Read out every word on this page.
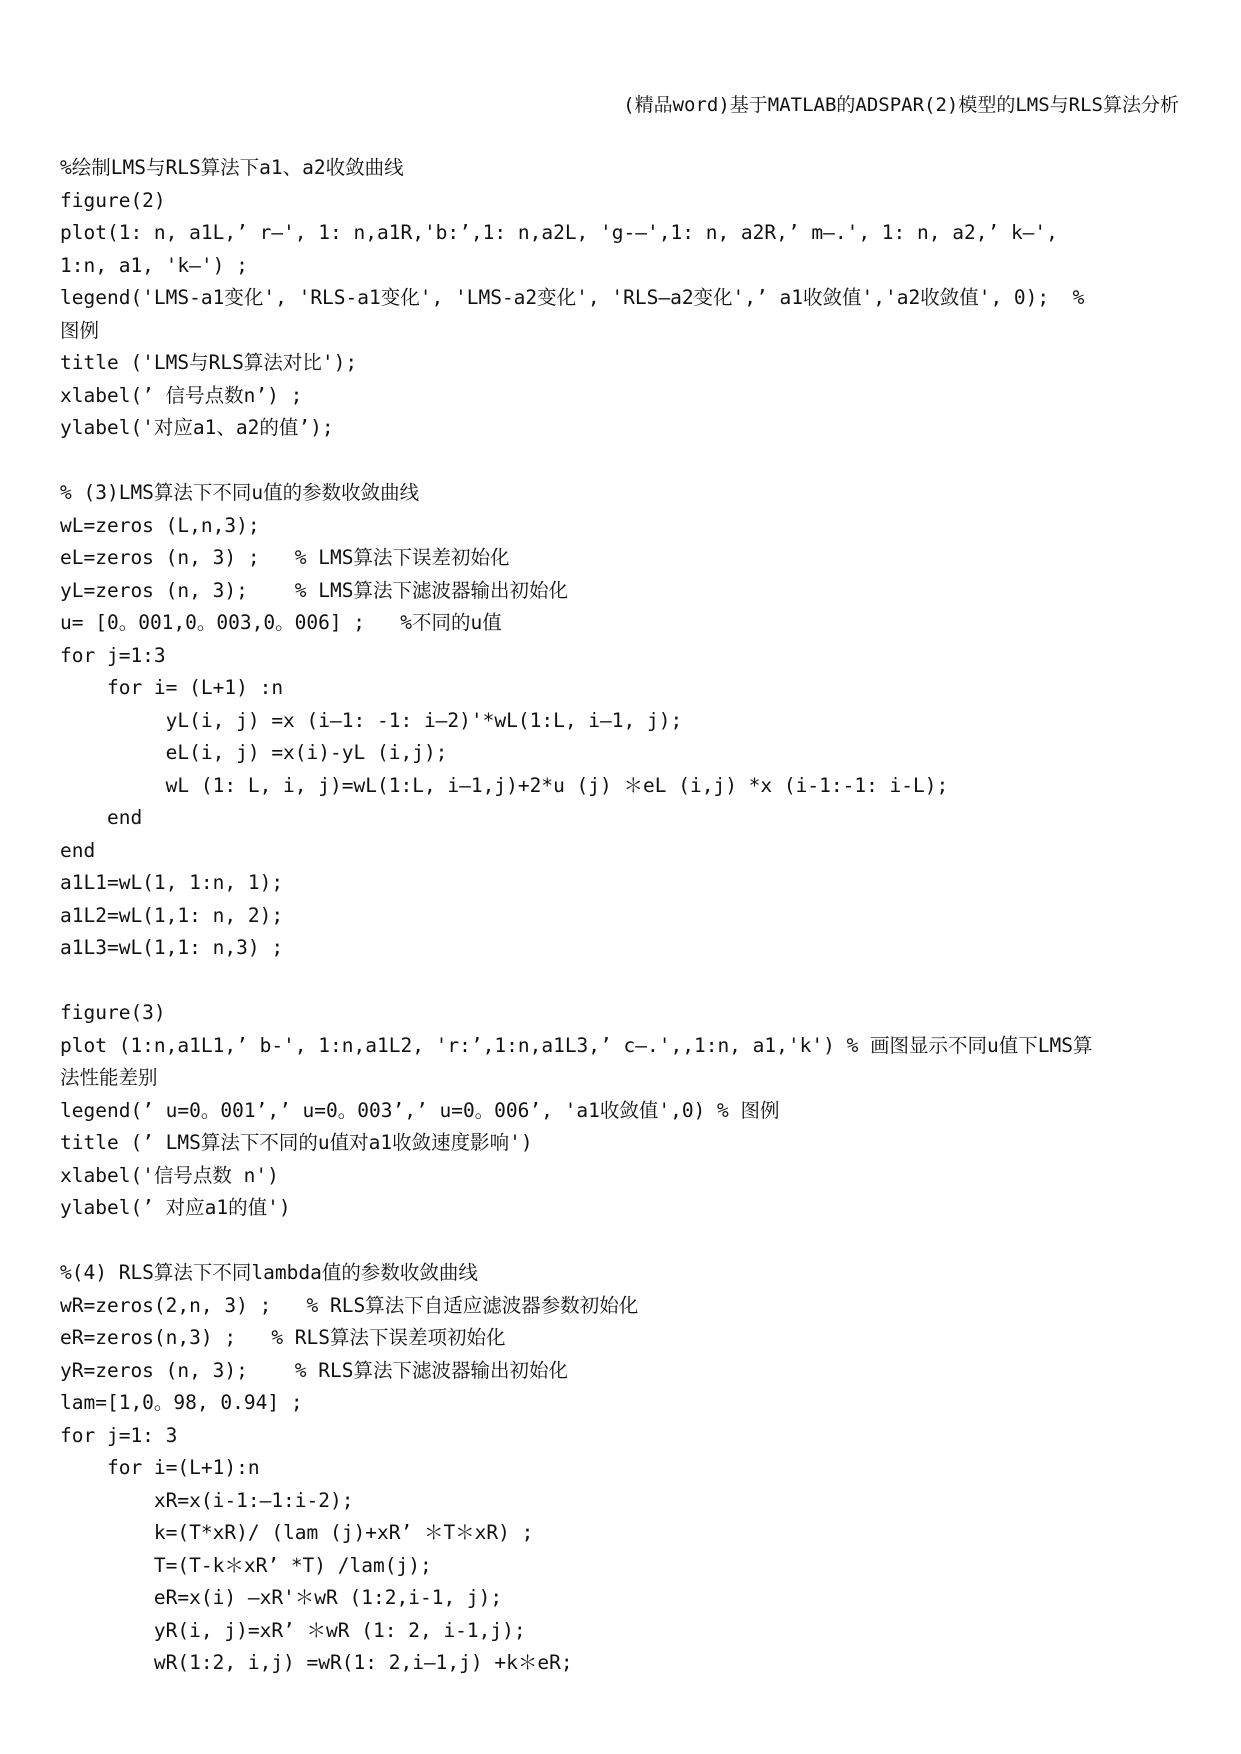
(精品word)基于MATLAB的ADSPAR(2)模型的LMS与RLS算法分析
%绘制LMS与RLS算法下a1、a2收敛曲线
figure(2)
plot(1: n, a1L,’ r—', 1: n,a1R,'b:’,1: n,a2L, 'g-—',1: n, a2R,’ m—.', 1: n, a2,’ k—',
1:n, a1, 'k—') ;
legend('LMS-a1变化', 'RLS-a1变化', 'LMS-a2变化', 'RLS—a2变化',’ a1收敛值','a2收敛值', 0);  %
图例
title ('LMS与RLS算法对比');
xlabel(’ 信号点数n’) ;
ylabel('对应a1、a2的值’);
% (3)LMS算法下不同u值的参数收敛曲线
wL=zeros (L,n,3);
eL=zeros (n, 3) ;   % LMS算法下误差初始化
yL=zeros (n, 3);    % LMS算法下滤波器输出初始化
u= [0。001,0。003,0。006] ;   %不同的u值
for j=1:3
for i= (L+1) :n
yL(i, j) =x (i—1: -1: i—2)'*wL(1:L, i—1, j);
eL(i, j) =x(i)-yL (i,j);
wL (1: L, i, j)=wL(1:L, i—1,j)+2*u (j) ＊eL (i,j) *x (i-1:-1: i-L);
end
end
a1L1=wL(1, 1:n, 1);
a1L2=wL(1,1: n, 2);
a1L3=wL(1,1: n,3) ;
figure(3)
plot (1:n,a1L1,’ b-', 1:n,a1L2, 'r:’,1:n,a1L3,’ c—.',,1:n, a1,'k') % 画图显示不同u值下LMS算
法性能差别
legend(’ u=0。001’,’ u=0。003’,’ u=0。006’, 'a1收敛值',0) % 图例
title (’ LMS算法下不同的u值对a1收敛速度影响')
xlabel('信号点数 n')
ylabel(’ 对应a1的值')
%(4) RLS算法下不同lambda值的参数收敛曲线
wR=zeros(2,n, 3) ;   % RLS算法下自适应滤波器参数初始化
eR=zeros(n,3) ;   % RLS算法下误差项初始化
yR=zeros (n, 3);    % RLS算法下滤波器输出初始化
lam=[1,0。98, 0.94] ;
for j=1: 3
for i=(L+1):n
xR=x(i-1:—1:i-2);
k=(T*xR)/ (lam (j)+xR’ ＊T＊xR) ;
T=(T-k＊xR’ *T) /lam(j);
eR=x(i) —xR'＊wR (1:2,i-1, j);
yR(i, j)=xR’ ＊wR (1: 2, i-1,j);
wR(1:2, i,j) =wR(1: 2,i—1,j) +k＊eR;
